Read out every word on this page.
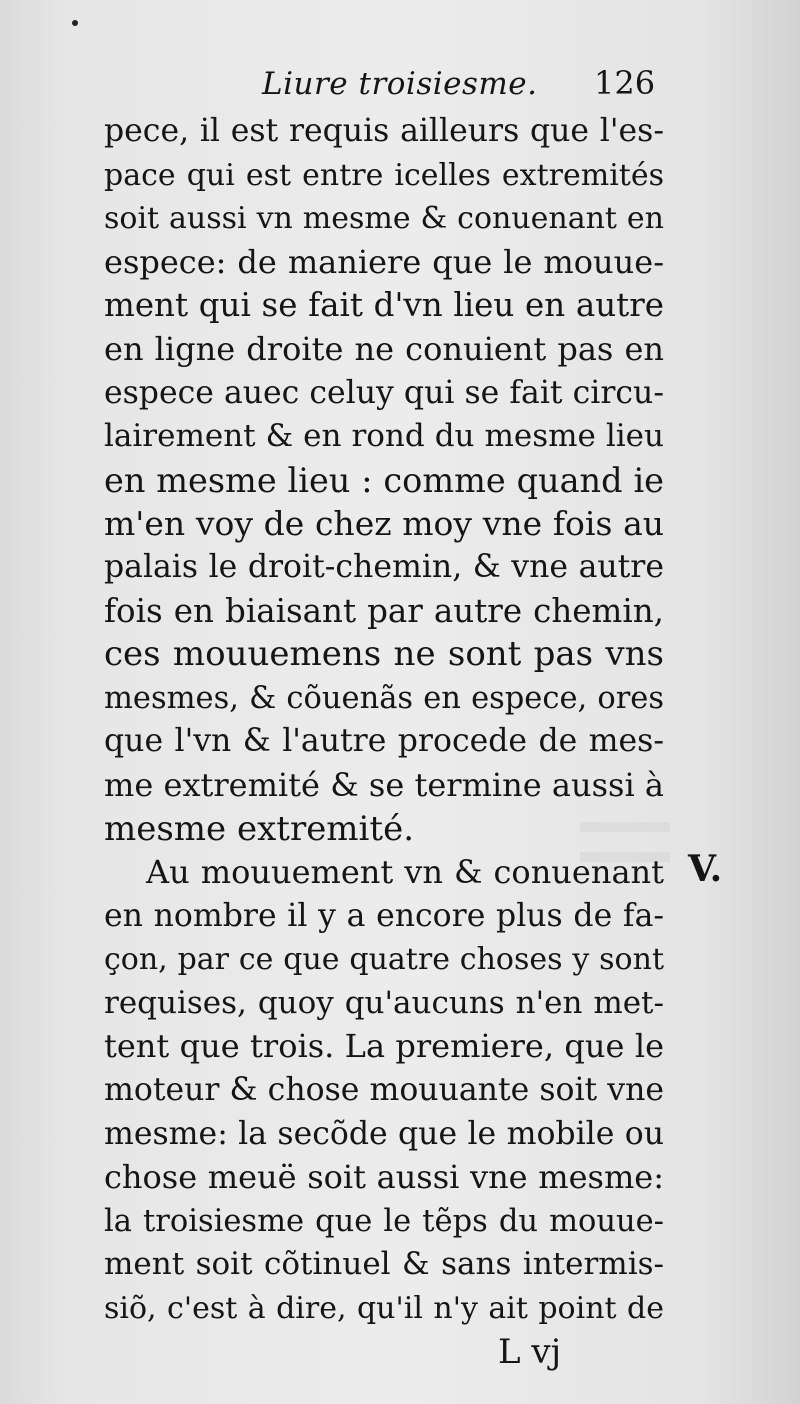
Liure troisiesme. 126
pece, il est requis ailleurs que l'es-
pace qui est entre icelles extremités
soit aussi vn mesme & conuenant en
espece: de maniere que le mouue-
ment qui se fait d'vn lieu en autre
en ligne droite ne conuient pas en
espece auec celuy qui se fait circu-
lairement & en rond du mesme lieu
en mesme lieu : comme quand ie
m'en voy de chez moy vne fois au
palais le droit-chemin, & vne autre
fois en biaisant par autre chemin,
ces mouuemens ne sont pas vns
mesmes, & cõuenãs en espece, ores
que l'vn & l'autre procede de mes-
me extremité & se termine aussi à
mesme extremité.
Au mouuement vn & conuenant
en nombre il y a encore plus de fa-
çon, par ce que quatre choses y sont
requises, quoy qu'aucuns n'en met-
tent que trois. La premiere, que le
moteur & chose mouuante soit vne
mesme: la secõde que le mobile ou
chose meuë soit aussi vne mesme:
la troisiesme que le tẽps du mouue-
ment soit cõtinuel & sans intermis-
siõ, c'est à dire, qu'il n'y ait point de
V.
L vj
